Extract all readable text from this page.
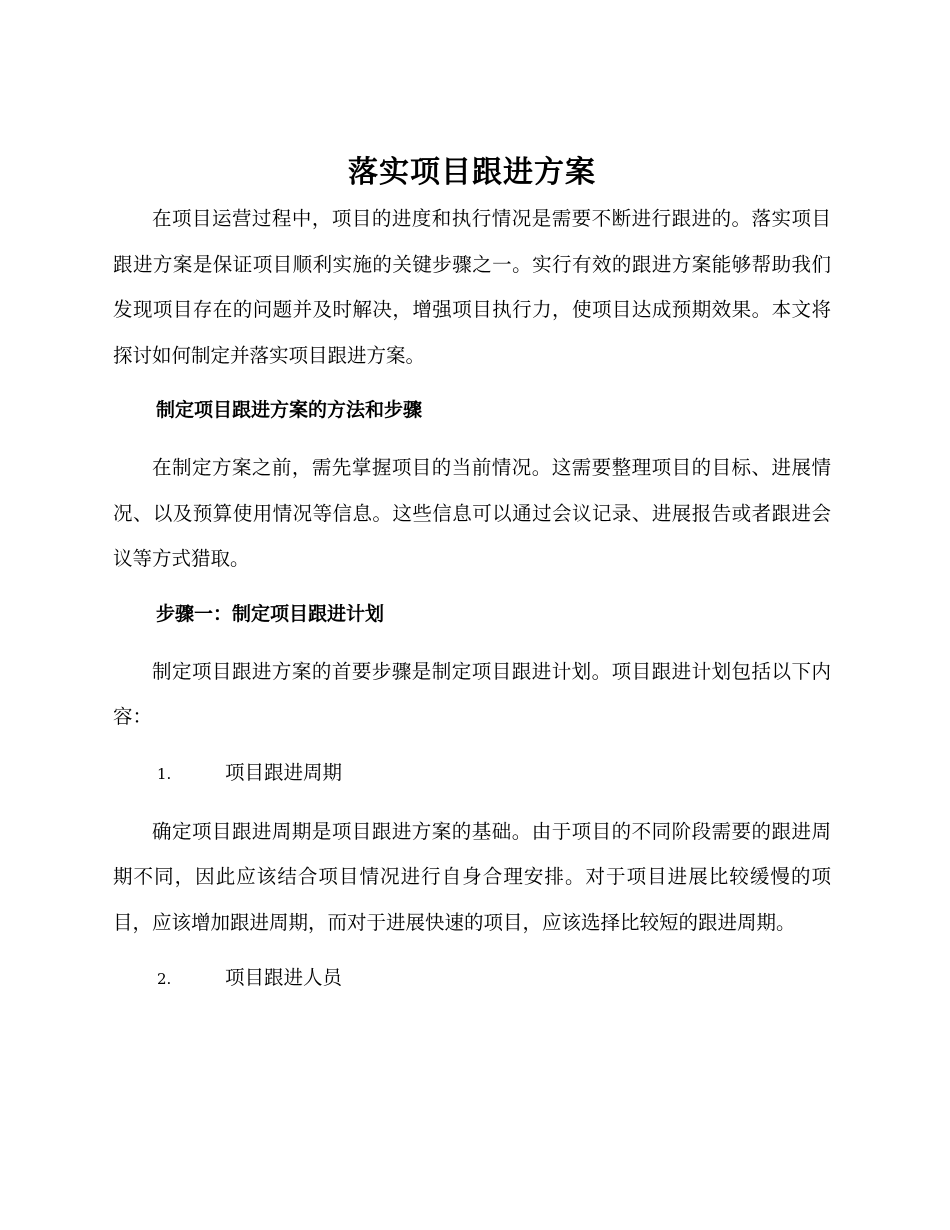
落实项目跟进方案

在项目运营过程中，项目的进度和执行情况是需要不断进行跟进的。落实项目跟进方案是保证项目顺利实施的关键步骤之一。实行有效的跟进方案能够帮助我们发现项目存在的问题并及时解决，增强项目执行力，使项目达成预期效果。本文将探讨如何制定并落实项目跟进方案。

制定项目跟进方案的方法和步骤

在制定方案之前，需先掌握项目的当前情况。这需要整理项目的目标、进展情况、以及预算使用情况等信息。这些信息可以通过会议记录、进展报告或者跟进会议等方式猎取。

步骤一：制定项目跟进计划

制定项目跟进方案的首要步骤是制定项目跟进计划。项目跟进计划包括以下内容：

1.	项目跟进周期

确定项目跟进周期是项目跟进方案的基础。由于项目的不同阶段需要的跟进周期不同，因此应该结合项目情况进行自身合理安排。对于项目进展比较缓慢的项目，应该增加跟进周期，而对于进展快速的项目，应该选择比较短的跟进周期。

2.	项目跟进人员
